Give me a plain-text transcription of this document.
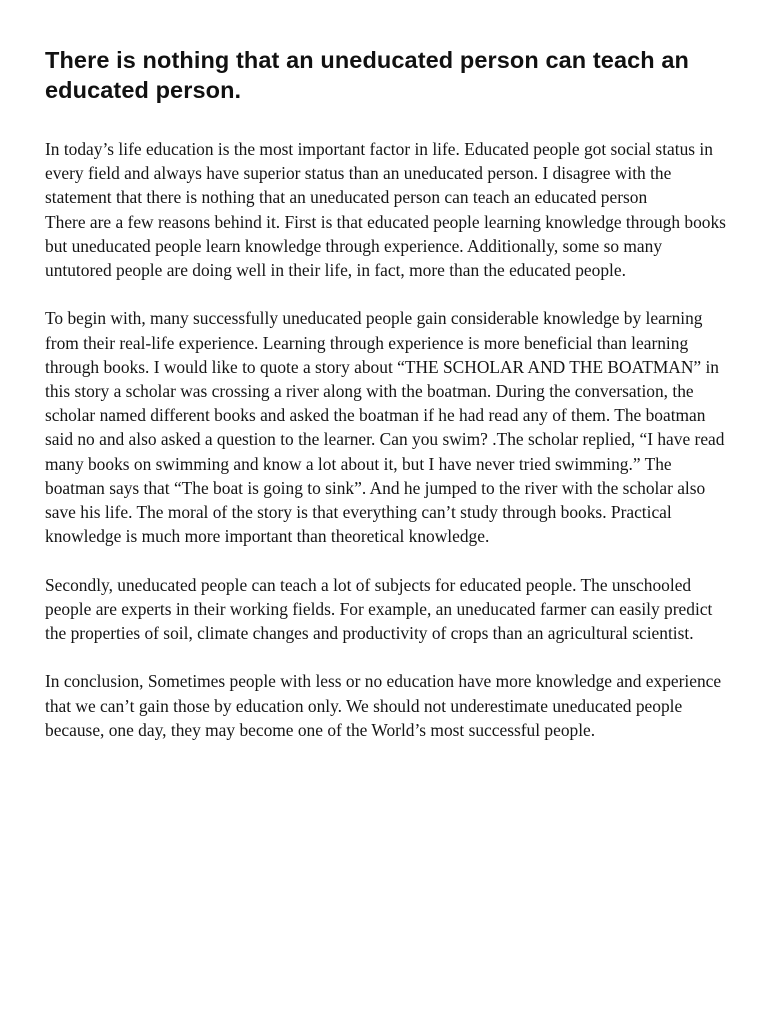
There is nothing that an uneducated person can teach an educated person.

In today’s life education is the most important factor in life. Educated people got social status in every field and always have superior status than an uneducated person. I disagree with the statement that there is nothing that an uneducated person can teach an educated person

There are a few reasons behind it. First is that educated people learning knowledge through books but uneducated people learn knowledge through experience. Additionally, some so many untutored people are doing well in their life, in fact, more than the educated people.

To begin with, many successfully uneducated people gain considerable knowledge by learning from their real-life experience. Learning through experience is more beneficial than learning through books. I would like to quote a story about “THE SCHOLAR AND THE BOATMAN” in this story a scholar was crossing a river along with the boatman. During the conversation, the scholar named different books and asked the boatman if he had read any of them. The boatman said no and also asked a question to the learner. Can you swim? .The scholar replied, “I have read many books on swimming and know a lot about it, but I have never tried swimming.” The boatman says that “The boat is going to sink”. And he jumped to the river with the scholar also save his life. The moral of the story is that everything can’t study through books. Practical knowledge is much more important than theoretical knowledge.

Secondly, uneducated people can teach a lot of subjects for educated people. The unschooled people are experts in their working fields. For example, an uneducated farmer can easily predict the properties of soil, climate changes and productivity of crops than an agricultural scientist.

In conclusion, Sometimes people with less or no education have more knowledge and experience that we can’t gain those by education only. We should not underestimate uneducated people because, one day, they may become one of the World’s most successful people.
